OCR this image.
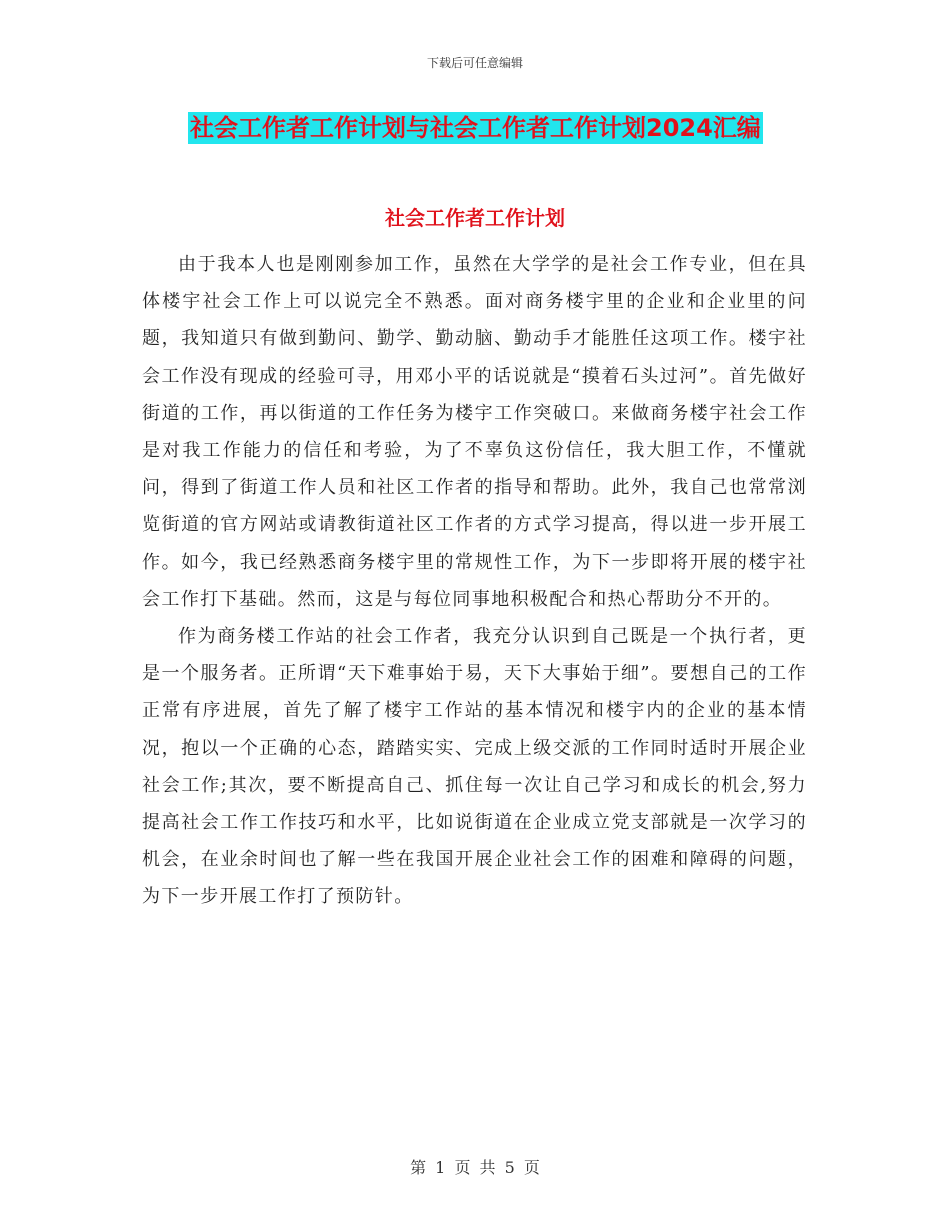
下载后可任意编辑
社会工作者工作计划与社会工作者工作计划2024汇编
社会工作者工作计划

由于我本人也是刚刚参加工作，虽然在大学学的是社会工作专业，但在具体楼宇社会工作上可以说完全不熟悉。面对商务楼宇里的企业和企业里的问题，我知道只有做到勤问、勤学、勤动脑、勤动手才能胜任这项工作。楼宇社会工作没有现成的经验可寻，用邓小平的话说就是“摸着石头过河”。首先做好街道的工作，再以街道的工作任务为楼宇工作突破口。来做商务楼宇社会工作是对我工作能力的信任和考验，为了不辜负这份信任，我大胆工作，不懂就问，得到了街道工作人员和社区工作者的指导和帮助。此外，我自己也常常浏览街道的官方网站或请教街道社区工作者的方式学习提高，得以进一步开展工作。如今，我已经熟悉商务楼宇里的常规性工作，为下一步即将开展的楼宇社会工作打下基础。然而，这是与每位同事地积极配合和热心帮助分不开的。

作为商务楼工作站的社会工作者，我充分认识到自己既是一个执行者，更是一个服务者。正所谓“天下难事始于易，天下大事始于细”。要想自己的工作正常有序进展，首先了解了楼宇工作站的基本情况和楼宇内的企业的基本情况，抱以一个正确的心态，踏踏实实、完成上级交派的工作同时适时开展企业社会工作;其次，要不断提高自己、抓住每一次让自己学习和成长的机会,努力提高社会工作工作技巧和水平，比如说街道在企业成立党支部就是一次学习的机会，在业余时间也了解一些在我国开展企业社会工作的困难和障碍的问题，为下一步开展工作打了预防针。

第 1 页 共 5 页
